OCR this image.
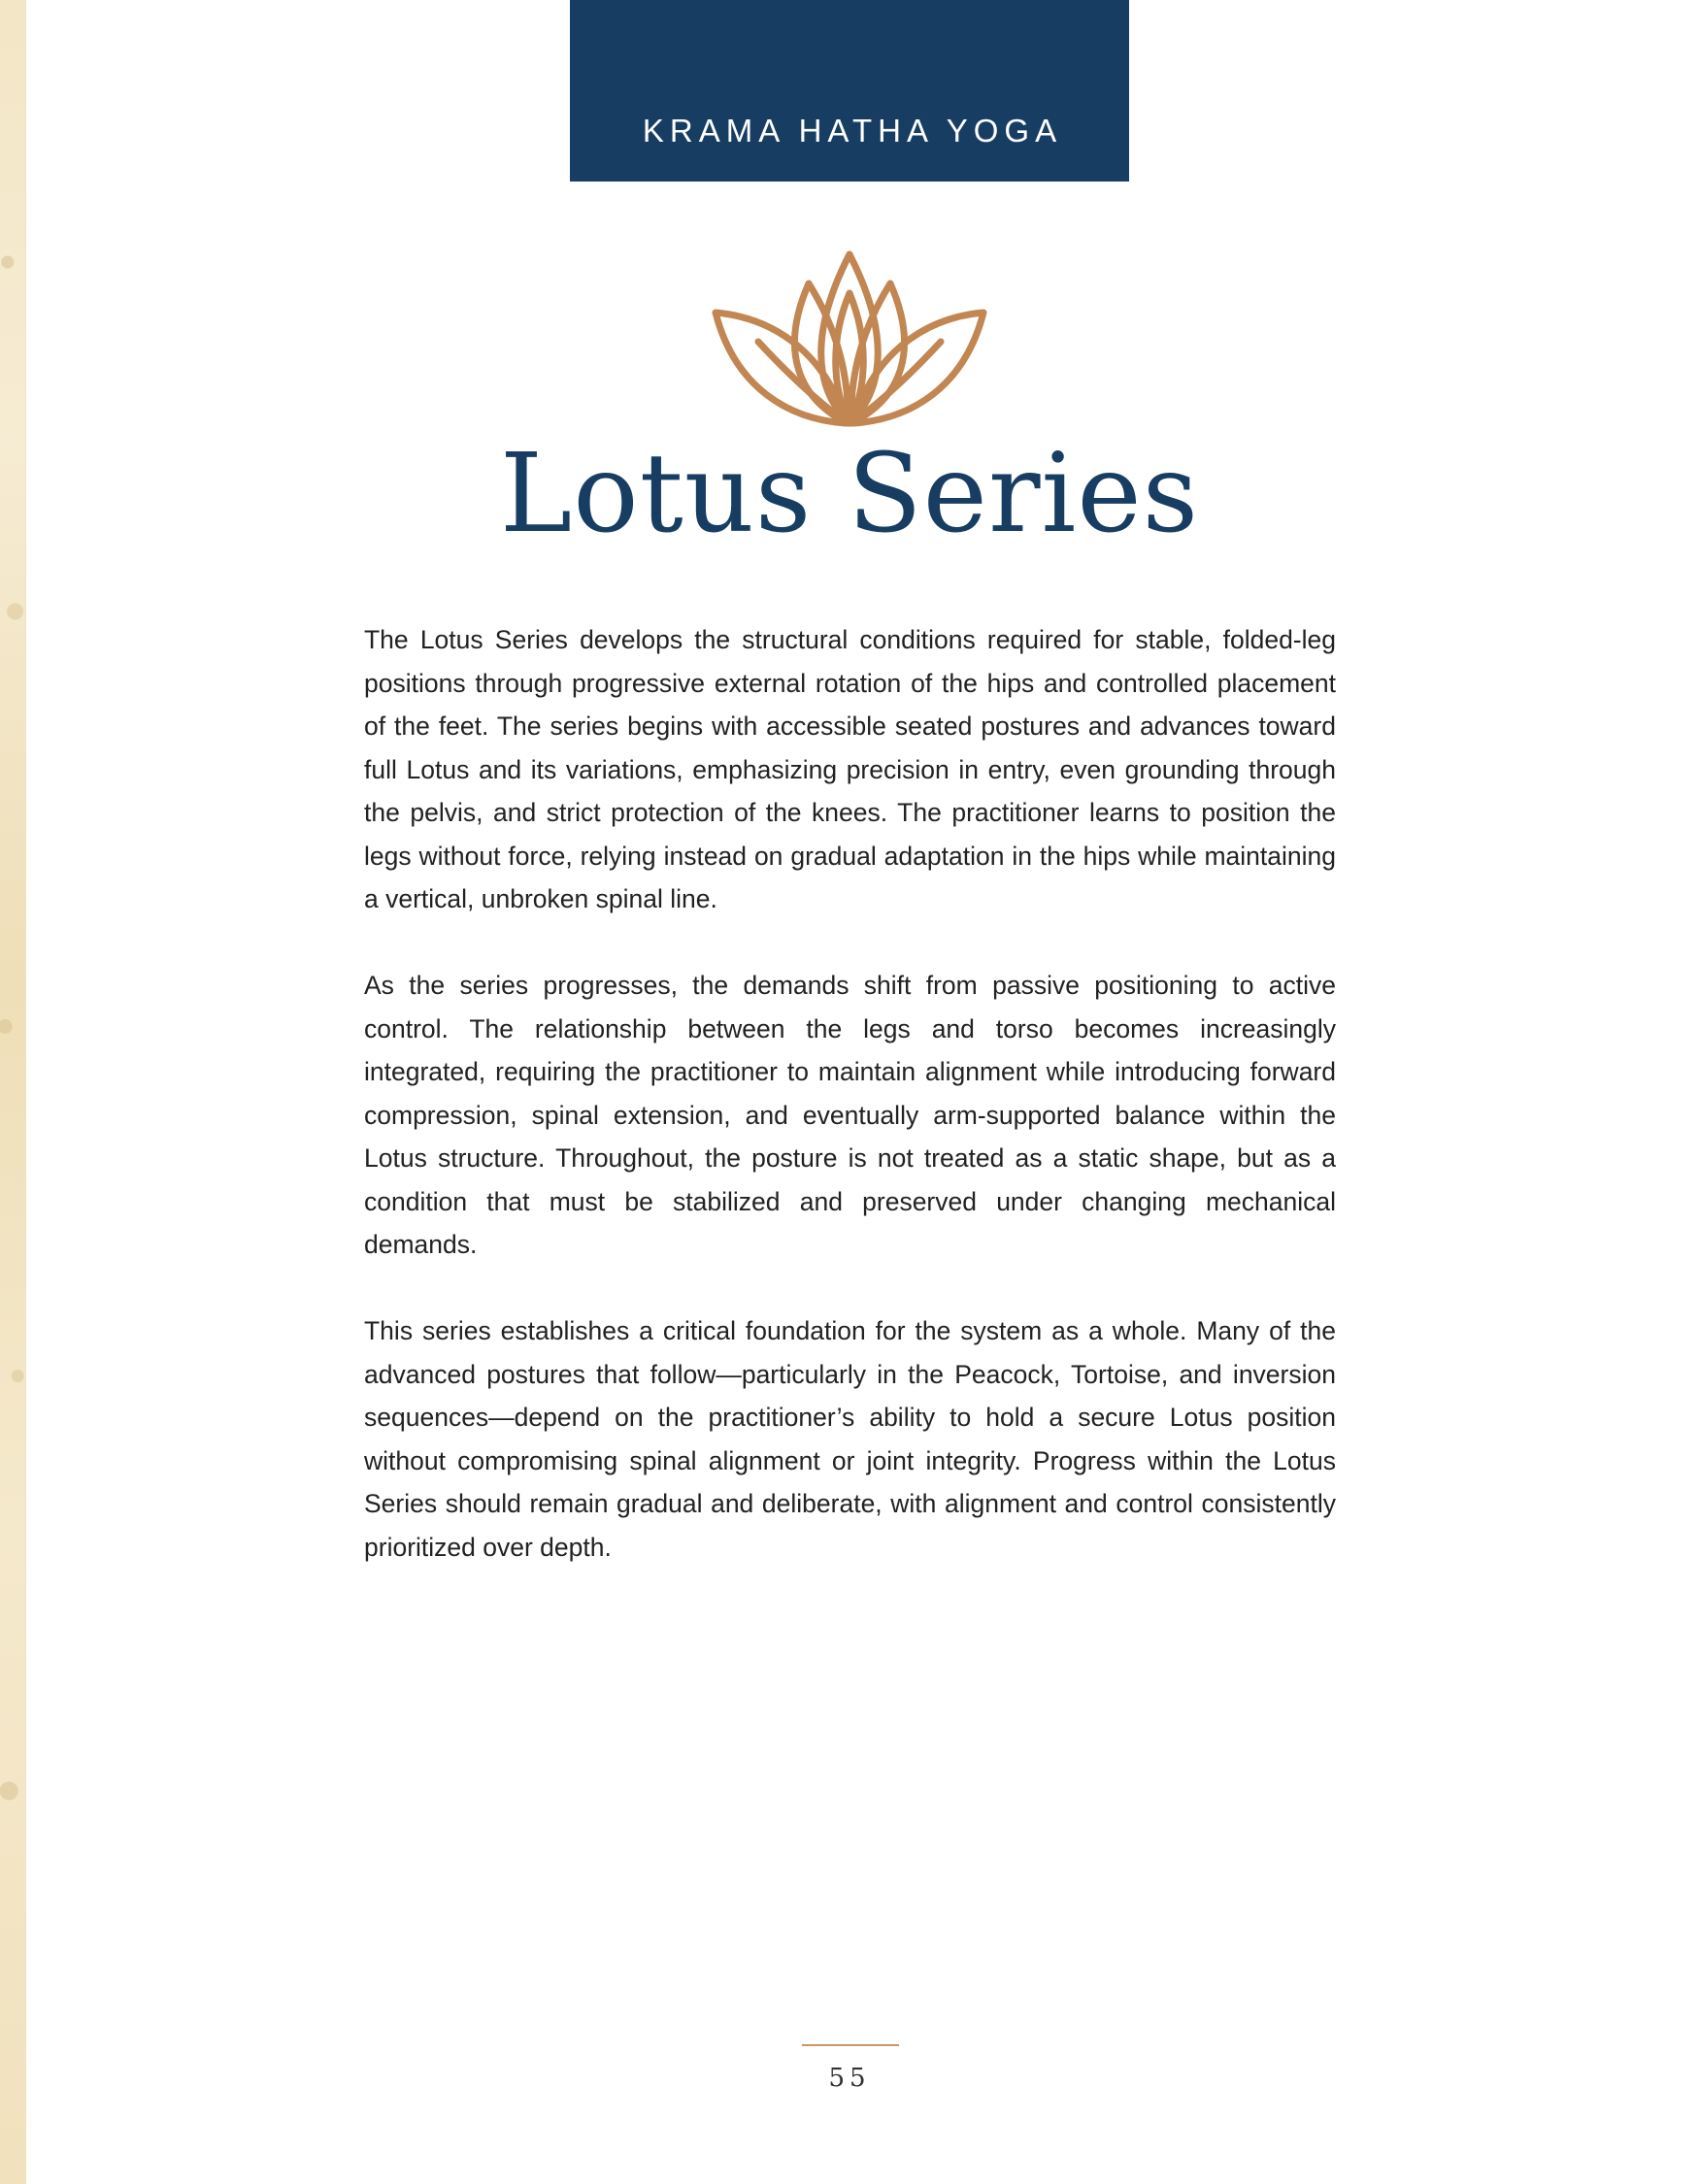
KRAMA HATHA YOGA
Lotus Series

The Lotus Series develops the structural conditions required for stable, folded-leg positions through progressive external rotation of the hips and controlled placement of the feet. The series begins with accessible seated postures and advances toward full Lotus and its variations, emphasizing precision in entry, even grounding through the pelvis, and strict protection of the knees. The practitioner learns to position the legs without force, relying instead on gradual adaptation in the hips while maintaining a vertical, unbroken spinal line.

As the series progresses, the demands shift from passive positioning to active control. The relationship between the legs and torso becomes increasingly integrated, requiring the practitioner to maintain alignment while introducing forward compression, spinal extension, and eventually arm-supported balance within the Lotus structure. Throughout, the posture is not treated as a static shape, but as a condition that must be stabilized and preserved under changing mechanical demands.

This series establishes a critical foundation for the system as a whole. Many of the advanced postures that follow—particularly in the Peacock, Tortoise, and inversion sequences—depend on the practitioner’s ability to hold a secure Lotus position without compromising spinal alignment or joint integrity. Progress within the Lotus Series should remain gradual and deliberate, with alignment and control consistently prioritized over depth.

55
